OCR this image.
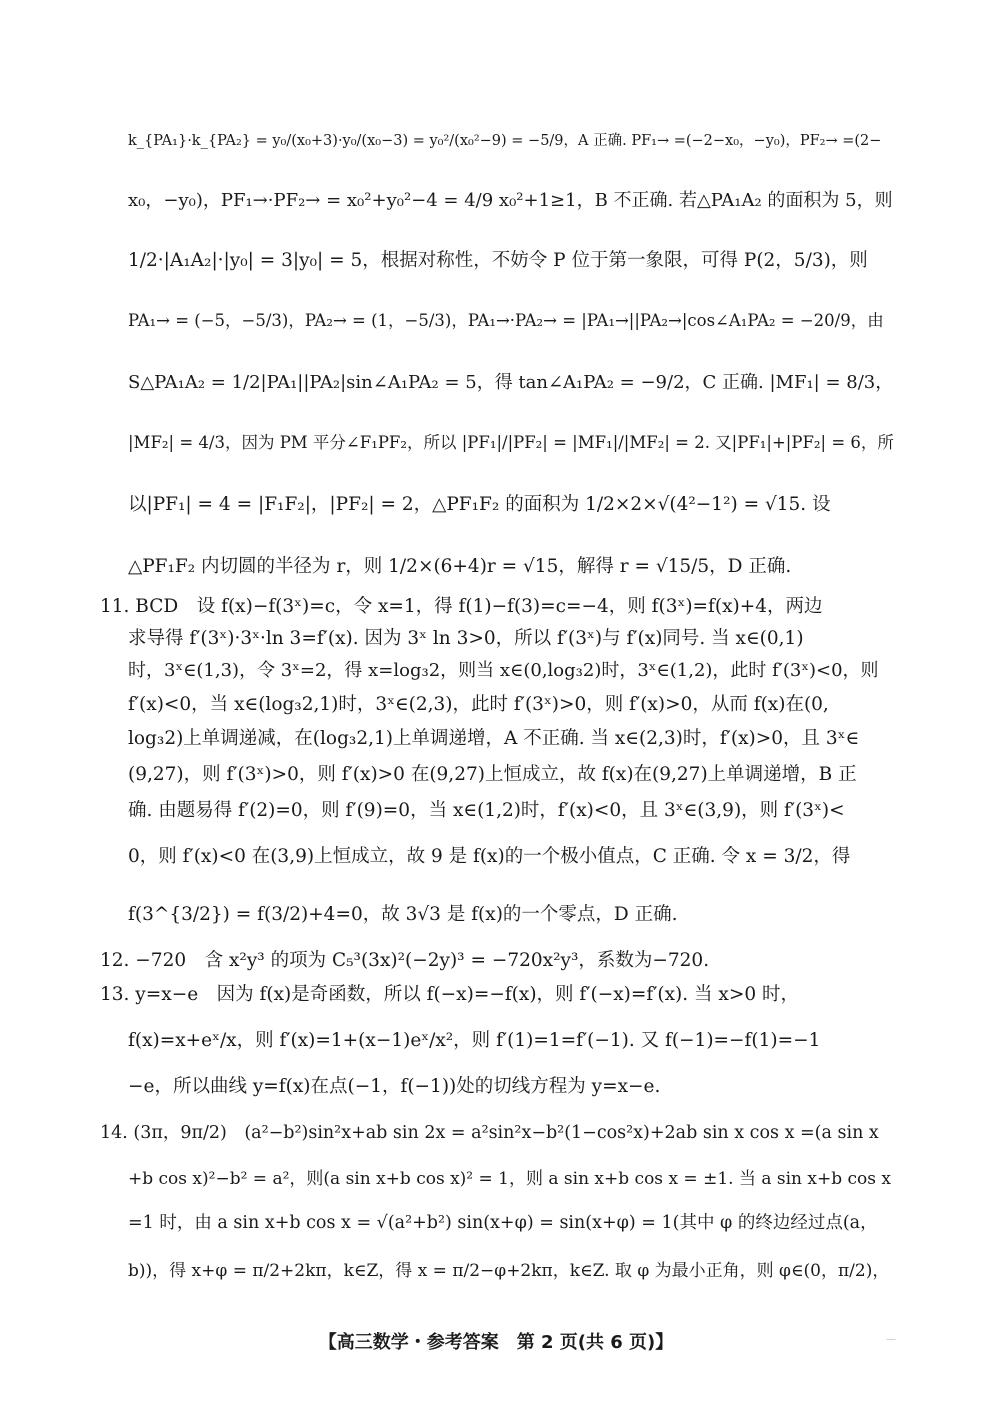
k_{PA₁}·k_{PA₂} = y₀/(x₀+3)·y₀/(x₀−3) = y₀²/(x₀²−9) = −5/9，A 正确. PF₁→ =(−2−x₀，−y₀)，PF₂→ =(2−
x₀，−y₀)，PF₁→·PF₂→ = x₀²+y₀²−4 = 4/9 x₀²+1≥1，B 不正确. 若△PA₁A₂ 的面积为 5，则
1/2·|A₁A₂|·|y₀| = 3|y₀| = 5，根据对称性，不妨令 P 位于第一象限，可得 P(2，5/3)，则
PA₁→ = (−5，−5/3)，PA₂→ = (1，−5/3)，PA₁→·PA₂→ = |PA₁→||PA₂→|cos∠A₁PA₂ = −20/9，由
S△PA₁A₂ = 1/2|PA₁||PA₂|sin∠A₁PA₂ = 5，得 tan∠A₁PA₂ = −9/2，C 正确. |MF₁| = 8/3，
|MF₂| = 4/3，因为 PM 平分∠F₁PF₂，所以 |PF₁|/|PF₂| = |MF₁|/|MF₂| = 2. 又|PF₁|+|PF₂| = 6，所
以|PF₁| = 4 = |F₁F₂|，|PF₂| = 2，△PF₁F₂ 的面积为 1/2×2×√(4²−1²) = √15. 设
△PF₁F₂ 内切圆的半径为 r，则 1/2×(6+4)r = √15，解得 r = √15/5，D 正确.
11. BCD　设 f(x)−f(3ˣ)=c，令 x=1，得 f(1)−f(3)=c=−4，则 f(3ˣ)=f(x)+4，两边
求导得 f′(3ˣ)·3ˣ·ln 3=f′(x). 因为 3ˣ ln 3>0，所以 f′(3ˣ)与 f′(x)同号. 当 x∈(0,1)
时，3ˣ∈(1,3)，令 3ˣ=2，得 x=log₃2，则当 x∈(0,log₃2)时，3ˣ∈(1,2)，此时 f′(3ˣ)<0，则
f′(x)<0，当 x∈(log₃2,1)时，3ˣ∈(2,3)，此时 f′(3ˣ)>0，则 f′(x)>0，从而 f(x)在(0,
log₃2)上单调递减，在(log₃2,1)上单调递增，A 不正确. 当 x∈(2,3)时，f′(x)>0，且 3ˣ∈
(9,27)，则 f′(3ˣ)>0，则 f′(x)>0 在(9,27)上恒成立，故 f(x)在(9,27)上单调递增，B 正
确. 由题易得 f′(2)=0，则 f′(9)=0，当 x∈(1,2)时，f′(x)<0，且 3ˣ∈(3,9)，则 f′(3ˣ)<
0，则 f′(x)<0 在(3,9)上恒成立，故 9 是 f(x)的一个极小值点，C 正确. 令 x = 3/2，得
f(3^{3/2}) = f(3/2)+4=0，故 3√3 是 f(x)的一个零点，D 正确.
12. −720　含 x²y³ 的项为 C₅³(3x)²(−2y)³ = −720x²y³，系数为−720.
13. y=x−e　因为 f(x)是奇函数，所以 f(−x)=−f(x)，则 f′(−x)=f′(x). 当 x>0 时，
f(x)=x+eˣ/x，则 f′(x)=1+(x−1)eˣ/x²，则 f′(1)=1=f′(−1). 又 f(−1)=−f(1)=−1
−e，所以曲线 y=f(x)在点(−1，f(−1))处的切线方程为 y=x−e.
14. (3π，9π/2)　(a²−b²)sin²x+ab sin 2x = a²sin²x−b²(1−cos²x)+2ab sin x cos x =(a sin x
+b cos x)²−b² = a²，则(a sin x+b cos x)² = 1，则 a sin x+b cos x = ±1. 当 a sin x+b cos x
=1 时，由 a sin x+b cos x = √(a²+b²) sin(x+φ) = sin(x+φ) = 1(其中 φ 的终边经过点(a，
b))，得 x+φ = π/2+2kπ，k∈Z，得 x = π/2−φ+2kπ，k∈Z. 取 φ 为最小正角，则 φ∈(0，π/2)，
【高三数学・参考答案　第 2 页(共 6 页)】	—
